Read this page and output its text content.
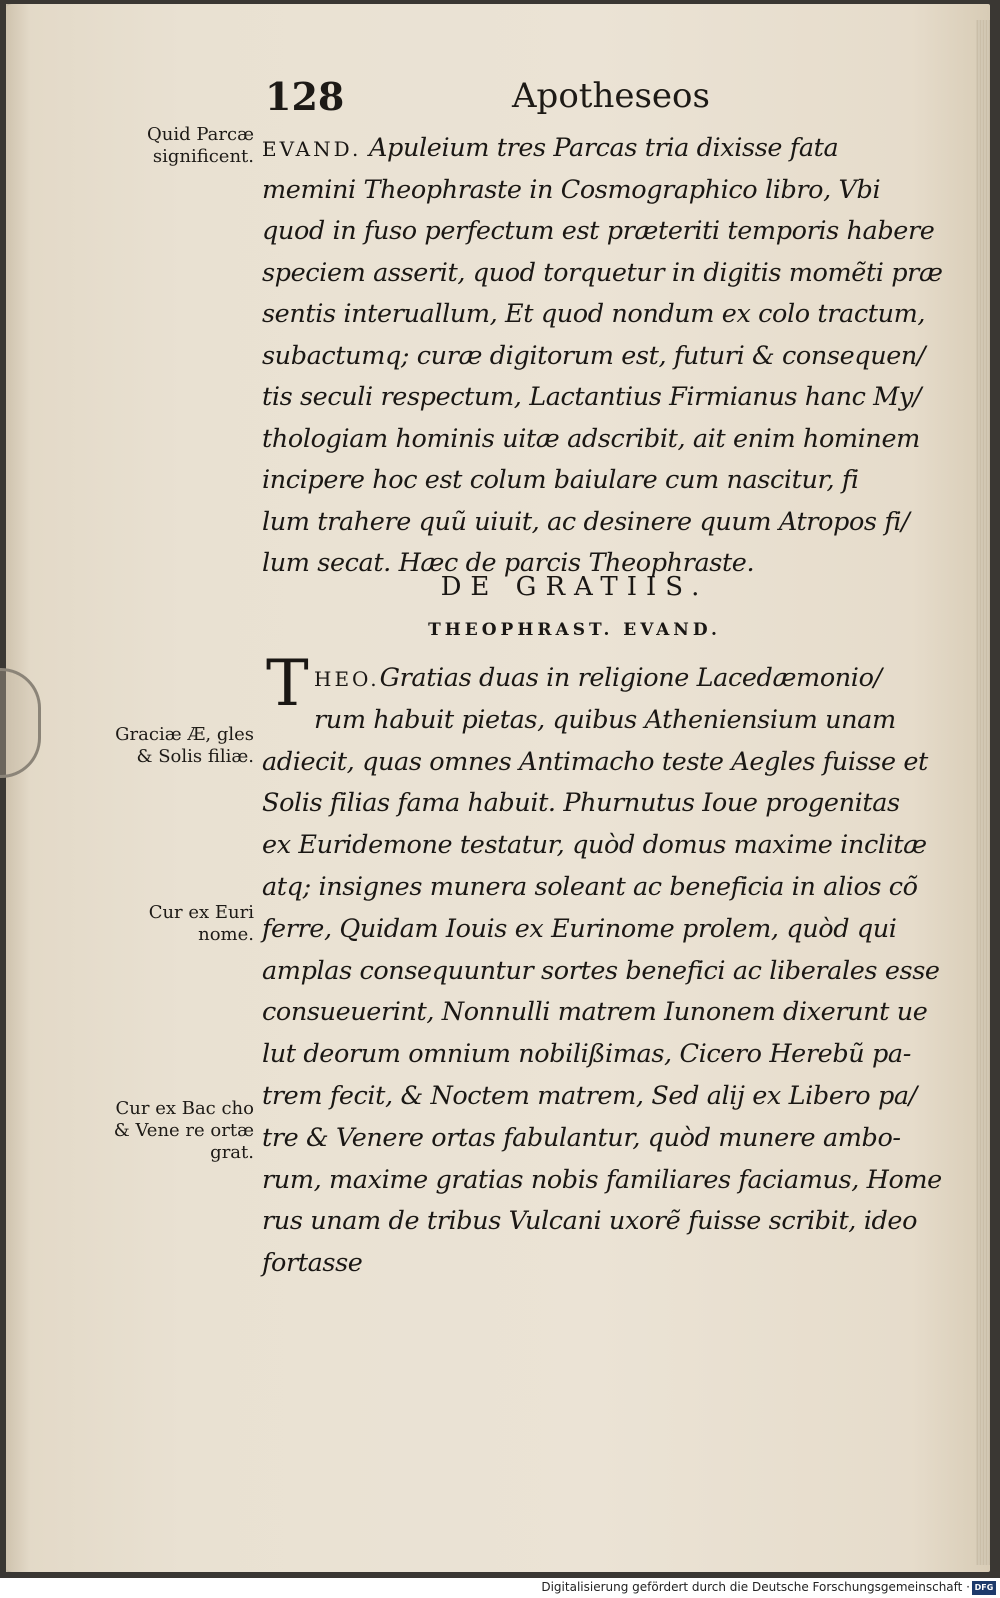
128	Apotheseos
Quid Parcæ significent.
Graciæ Æ, gles & Solis filiæ.
Cur ex Euri nome.
Cur ex Bac cho & Vene re ortæ grat.
EVAND. Apuleium tres Parcas tria dixisse fata
memini Theophraste in Cosmographico libro, Vbi
quod in fuso perfectum est præteriti temporis habere
speciem asserit, quod torquetur in digitis momẽti præ
sentis interuallum, Et quod nondum ex colo tractum,
subactumq; curæ digitorum est, futuri & consequen/
tis seculi respectum, Lactantius Firmianus hanc My/
thologiam hominis uitæ adscribit, ait enim hominem
incipere hoc est colum baiulare cum nascitur, fi
lum trahere quũ uiuit, ac desinere quum Atropos fi/
lum secat. Hæc de parcis Theophraste.
DE GRATIIS.
THEOPHRAST. EVAND.
T HEO.Gratias duas in religione Lacedæmonio/
rum habuit pietas, quibus Atheniensium unam
adiecit, quas omnes Antimacho teste Aegles fuisse et
Solis filias fama habuit. Phurnutus Ioue progenitas
ex Euridemone testatur, quòd domus maxime inclitæ
atq; insignes munera soleant ac beneficia in alios cõ
ferre, Quidam Iouis ex Eurinome prolem, quòd qui
amplas consequuntur sortes benefici ac liberales esse
consueuerint, Nonnulli matrem Iunonem dixerunt ue
lut deorum omnium nobilißimas, Cicero Herebũ pa-
trem fecit, & Noctem matrem, Sed alij ex Libero pa/
tre & Venere ortas fabulantur, quòd munere ambo-
rum, maxime gratias nobis familiares faciamus, Home
rus unam de tribus Vulcani uxorẽ fuisse scribit, ideo
fortasse
Digitalisierung gefördert durch die Deutsche Forschungsgemeinschaft · DFG
